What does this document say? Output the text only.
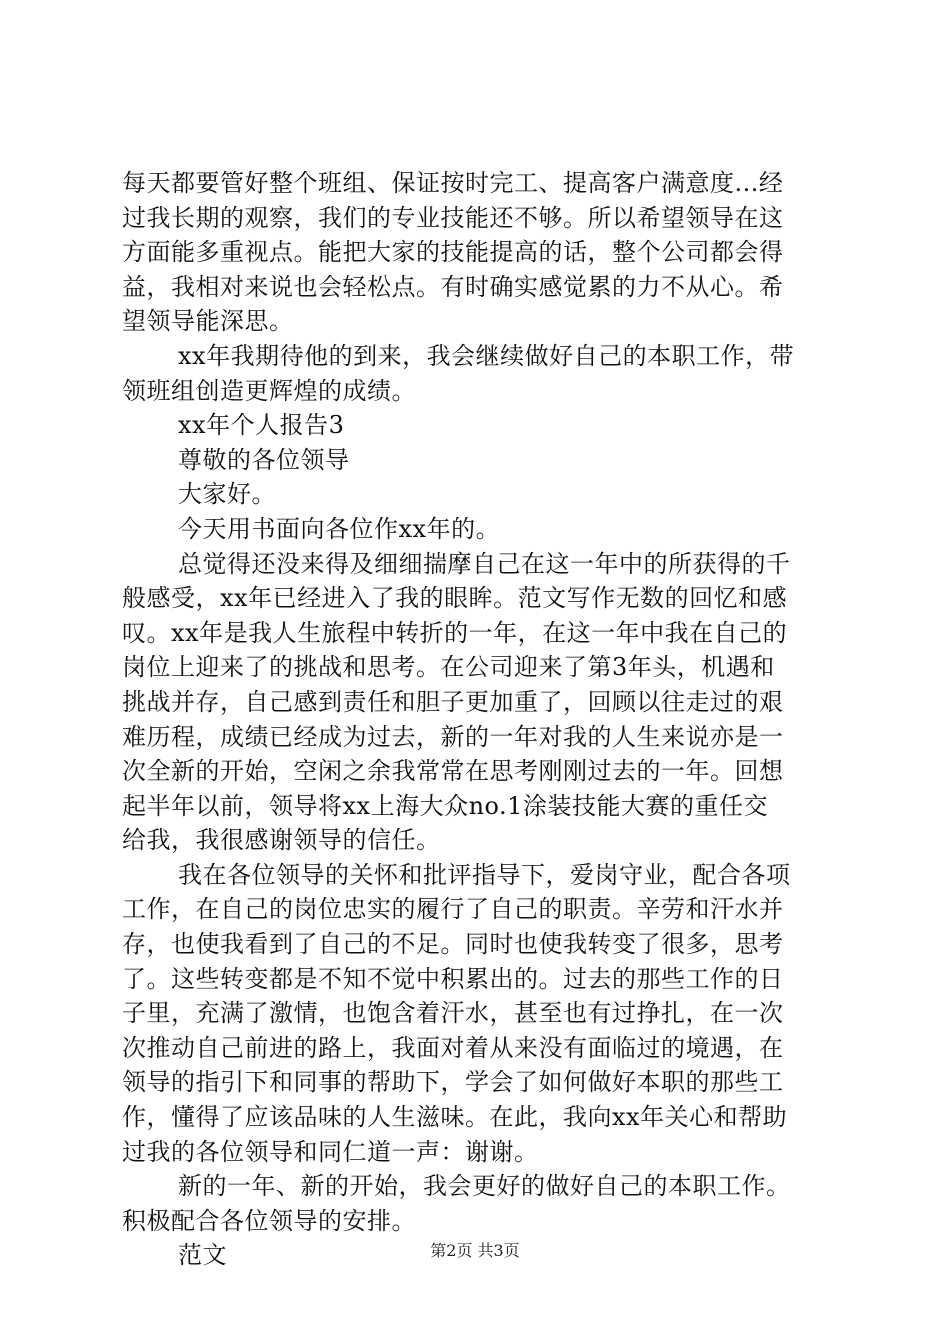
每天都要管好整个班组、保证按时完工、提高客户满意度...经
过我长期的观察，我们的专业技能还不够。所以希望领导在这
方面能多重视点。能把大家的技能提高的话，整个公司都会得
益，我相对来说也会轻松点。有时确实感觉累的力不从心。希
望领导能深思。
xx年我期待他的到来，我会继续做好自己的本职工作，带
领班组创造更辉煌的成绩。
xx年个人报告3
尊敬的各位领导
大家好。
今天用书面向各位作xx年的。
总觉得还没来得及细细揣摩自己在这一年中的所获得的千
般感受，xx年已经进入了我的眼眸。范文写作无数的回忆和感
叹。xx年是我人生旅程中转折的一年，在这一年中我在自己的
岗位上迎来了的挑战和思考。在公司迎来了第3年头，机遇和
挑战并存，自己感到责任和胆子更加重了，回顾以往走过的艰
难历程，成绩已经成为过去，新的一年对我的人生来说亦是一
次全新的开始，空闲之余我常常在思考刚刚过去的一年。回想
起半年以前，领导将xx上海大众no.1涂装技能大赛的重任交
给我，我很感谢领导的信任。
我在各位领导的关怀和批评指导下，爱岗守业，配合各项
工作，在自己的岗位忠实的履行了自己的职责。辛劳和汗水并
存，也使我看到了自己的不足。同时也使我转变了很多，思考
了。这些转变都是不知不觉中积累出的。过去的那些工作的日
子里，充满了激情，也饱含着汗水，甚至也有过挣扎，在一次
次推动自己前进的路上，我面对着从来没有面临过的境遇，在
领导的指引下和同事的帮助下，学会了如何做好本职的那些工
作，懂得了应该品味的人生滋味。在此，我向xx年关心和帮助
过我的各位领导和同仁道一声：谢谢。
新的一年、新的开始，我会更好的做好自己的本职工作。
积极配合各位领导的安排。
范文	第2页 共3页
